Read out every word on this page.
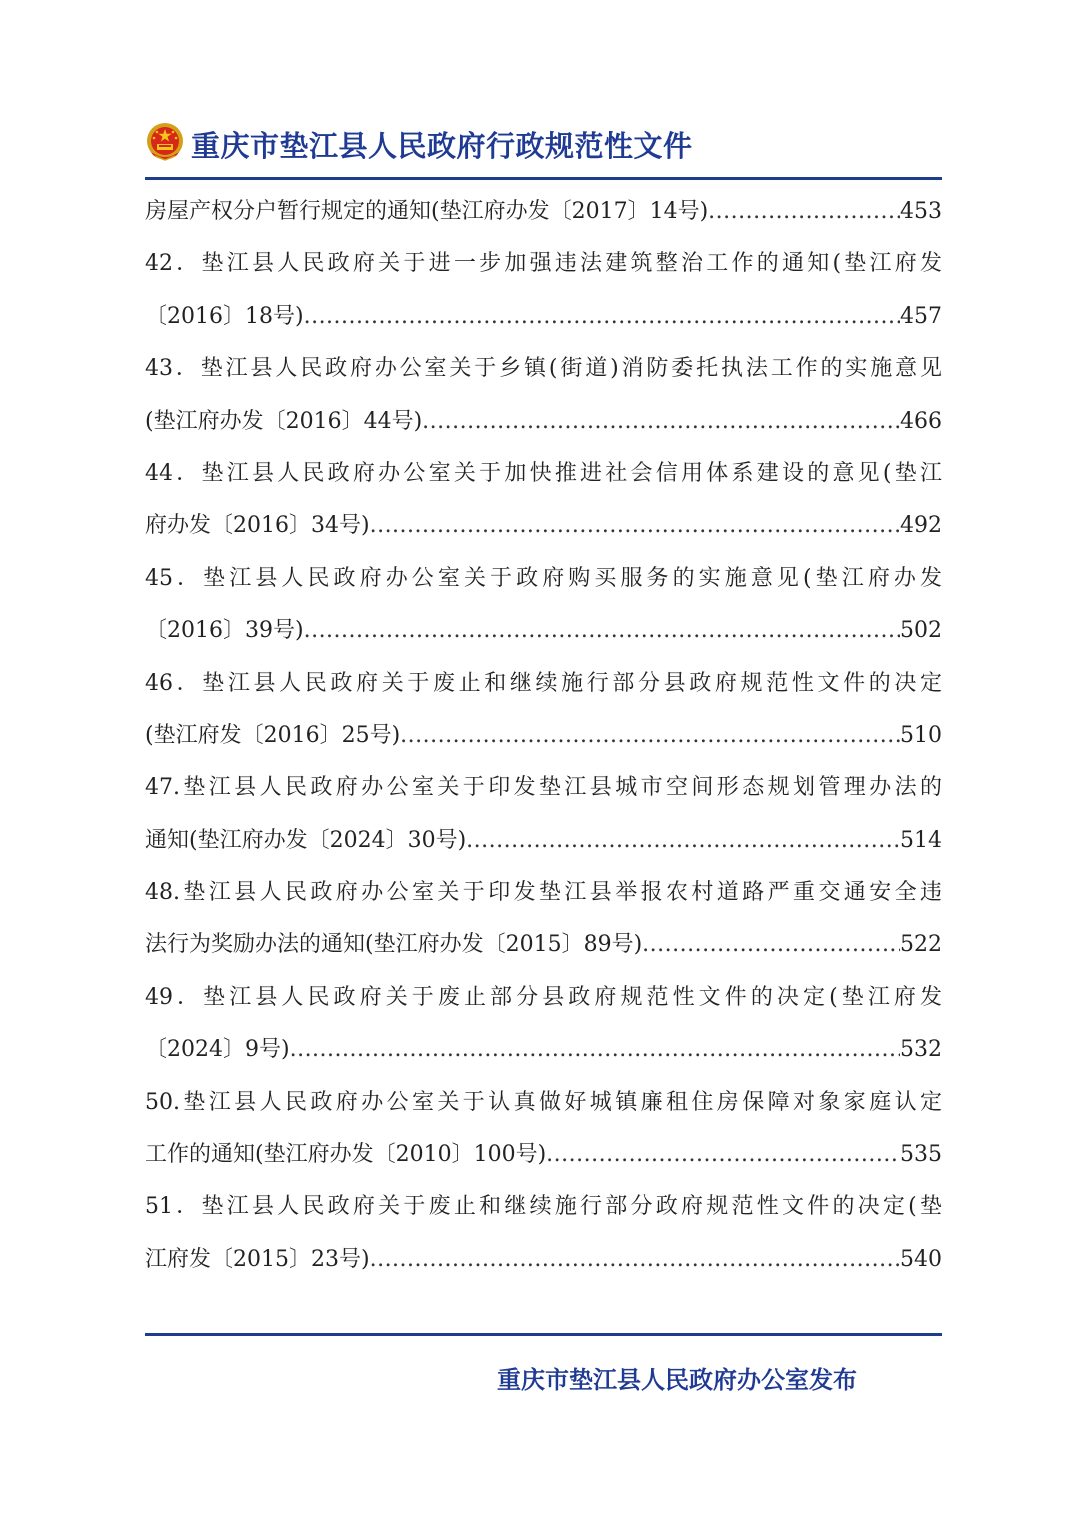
重庆市垫江县人民政府行政规范性文件
房屋产权分户暂行规定的通知(垫江府办发〔2017〕14号) .....	453
42．垫江县人民政府关于进一步加强违法建筑整治工作的通知(垫江府发
〔2016〕18号) .....	457
43．垫江县人民政府办公室关于乡镇(街道)消防委托执法工作的实施意见
(垫江府办发〔2016〕44号) .....	466
44．垫江县人民政府办公室关于加快推进社会信用体系建设的意见(垫江
府办发〔2016〕34号) .....	492
45．垫江县人民政府办公室关于政府购买服务的实施意见(垫江府办发
〔2016〕39号) .....	502
46．垫江县人民政府关于废止和继续施行部分县政府规范性文件的决定
(垫江府发〔2016〕25号) .....	510
47.垫江县人民政府办公室关于印发垫江县城市空间形态规划管理办法的
通知(垫江府办发〔2024〕30号) .....	514
48.垫江县人民政府办公室关于印发垫江县举报农村道路严重交通安全违
法行为奖励办法的通知(垫江府办发〔2015〕89号) .....	522
49．垫江县人民政府关于废止部分县政府规范性文件的决定(垫江府发
〔2024〕9号) .....	532
50.垫江县人民政府办公室关于认真做好城镇廉租住房保障对象家庭认定
工作的通知(垫江府办发〔2010〕100号) .....	535
51．垫江县人民政府关于废止和继续施行部分政府规范性文件的决定(垫
江府发〔2015〕23号) .....	540
重庆市垫江县人民政府办公室发布
